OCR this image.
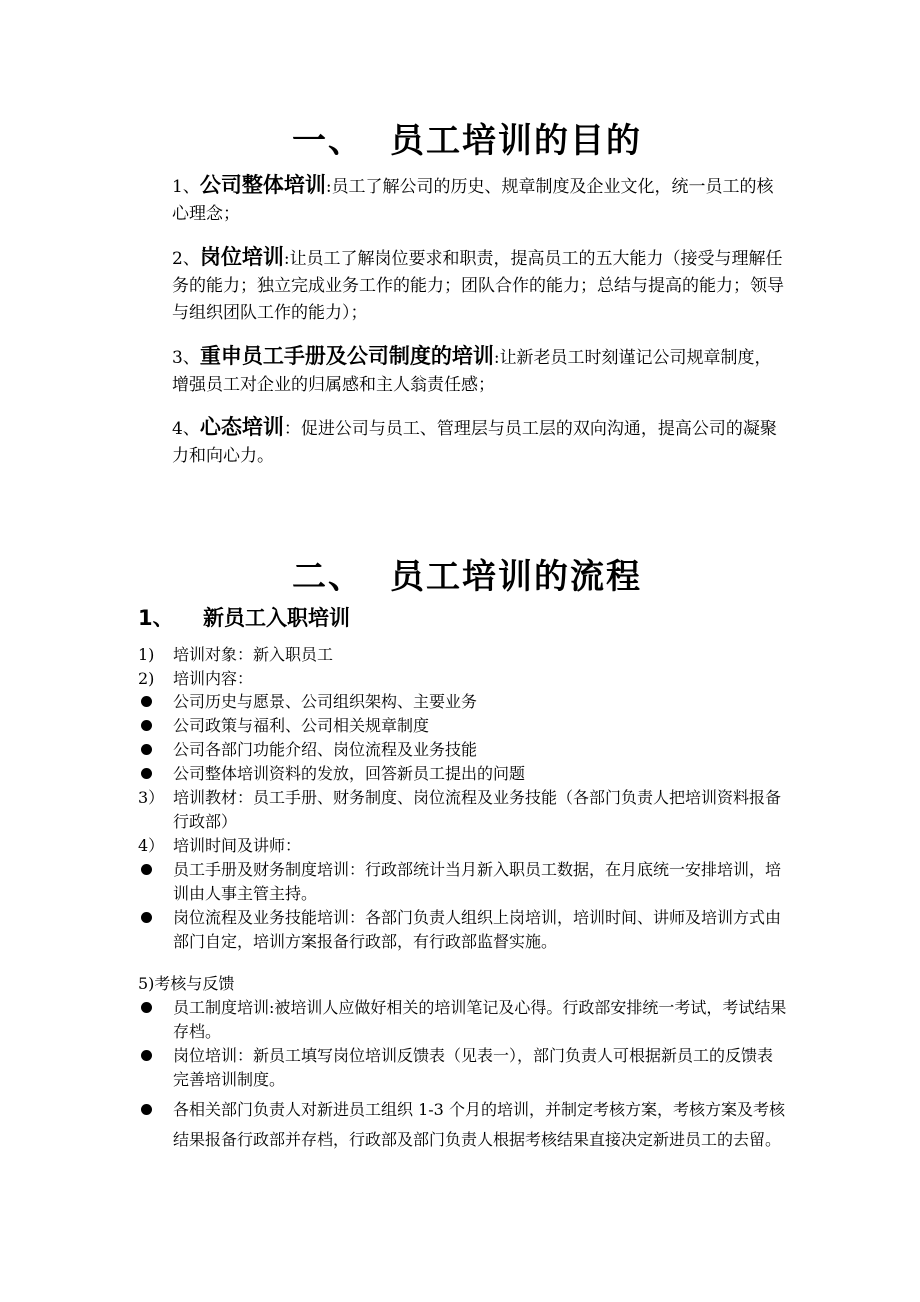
一、 员工培训的目的
1、公司整体培训:员工了解公司的历史、规章制度及企业文化，统一员工的核心理念；
2、岗位培训:让员工了解岗位要求和职责，提高员工的五大能力（接受与理解任务的能力；独立完成业务工作的能力；团队合作的能力；总结与提高的能力；领导与组织团队工作的能力）；
3、重申员工手册及公司制度的培训:让新老员工时刻谨记公司规章制度，增强员工对企业的归属感和主人翁责任感；
4、心态培训：促进公司与员工、管理层与员工层的双向沟通，提高公司的凝聚力和向心力。
二、 员工培训的流程
1、 新员工入职培训
1)	培训对象：新入职员工
2)	培训内容：
公司历史与愿景、公司组织架构、主要业务
公司政策与福利、公司相关规章制度
公司各部门功能介绍、岗位流程及业务技能
公司整体培训资料的发放，回答新员工提出的问题
3） 培训教材：员工手册、财务制度、岗位流程及业务技能（各部门负责人把培训资料报备行政部）
4） 培训时间及讲师：
员工手册及财务制度培训：行政部统计当月新入职员工数据，在月底统一安排培训，培训由人事主管主持。
岗位流程及业务技能培训：各部门负责人组织上岗培训，培训时间、讲师及培训方式由部门自定，培训方案报备行政部，有行政部监督实施。
5)考核与反馈
员工制度培训:被培训人应做好相关的培训笔记及心得。行政部安排统一考试，考试结果存档。
岗位培训：新员工填写岗位培训反馈表（见表一），部门负责人可根据新员工的反馈表完善培训制度。
各相关部门负责人对新进员工组织 1-3 个月的培训，并制定考核方案，考核方案及考核结果报备行政部并存档，行政部及部门负责人根据考核结果直接决定新进员工的去留。
